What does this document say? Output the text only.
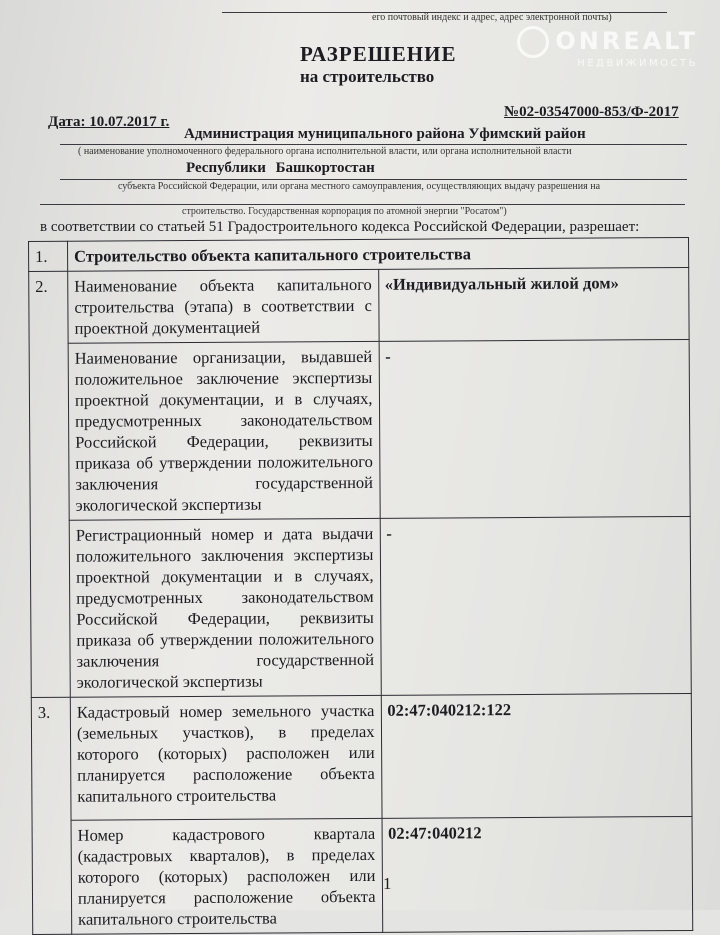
его почтовый индекс и адрес, адрес электронной почты)
РАЗРЕШЕНИЕ
на строительство
Дата: 10.07.2017 г.
№02-03547000-853/Ф-2017
Администрация муниципального района Уфимский район
( наименование уполномоченного федерального органа исполнительной власти, или органа исполнительной власти
Республики Башкортостан
субъекта Российской Федерации, или органа местного самоуправления, осуществляющих выдачу разрешения на
строительство. Государственная корпорация по атомной энергии "Росатом")
в соответствии со статьей 51 Градостроительного кодекса Российской Федерации, разрешает:
1.	Строительство объекта капитального строительства	
2.	Наименование объекта капитального строительства (этапа) в соответствии с проектной документацией	«Индивидуальный жилой дом»
	Наименование организации, выдавшей положительное заключение экспертизы проектной документации, и в случаях, предусмотренных законодательством Российской Федерации, реквизиты приказа об утверждении положительного заключения государственной экологической экспертизы	-
	Регистрационный номер и дата выдачи положительного заключения экспертизы проектной документации и в случаях, предусмотренных законодательством Российской Федерации, реквизиты приказа об утверждении положительного заключения государственной экологической экспертизы	-
3.	Кадастровый номер земельного участка (земельных участков), в пределах которого (которых) расположен или планируется расположение объекта капитального строительства	02:47:040212:122
	Номер кадастрового квартала (кадастровых кварталов), в пределах которого (которых) расположен или планируется расположение объекта капитального строительства	02:47:040212
1
ONREALT
НЕДВИЖИМОСТЬ
